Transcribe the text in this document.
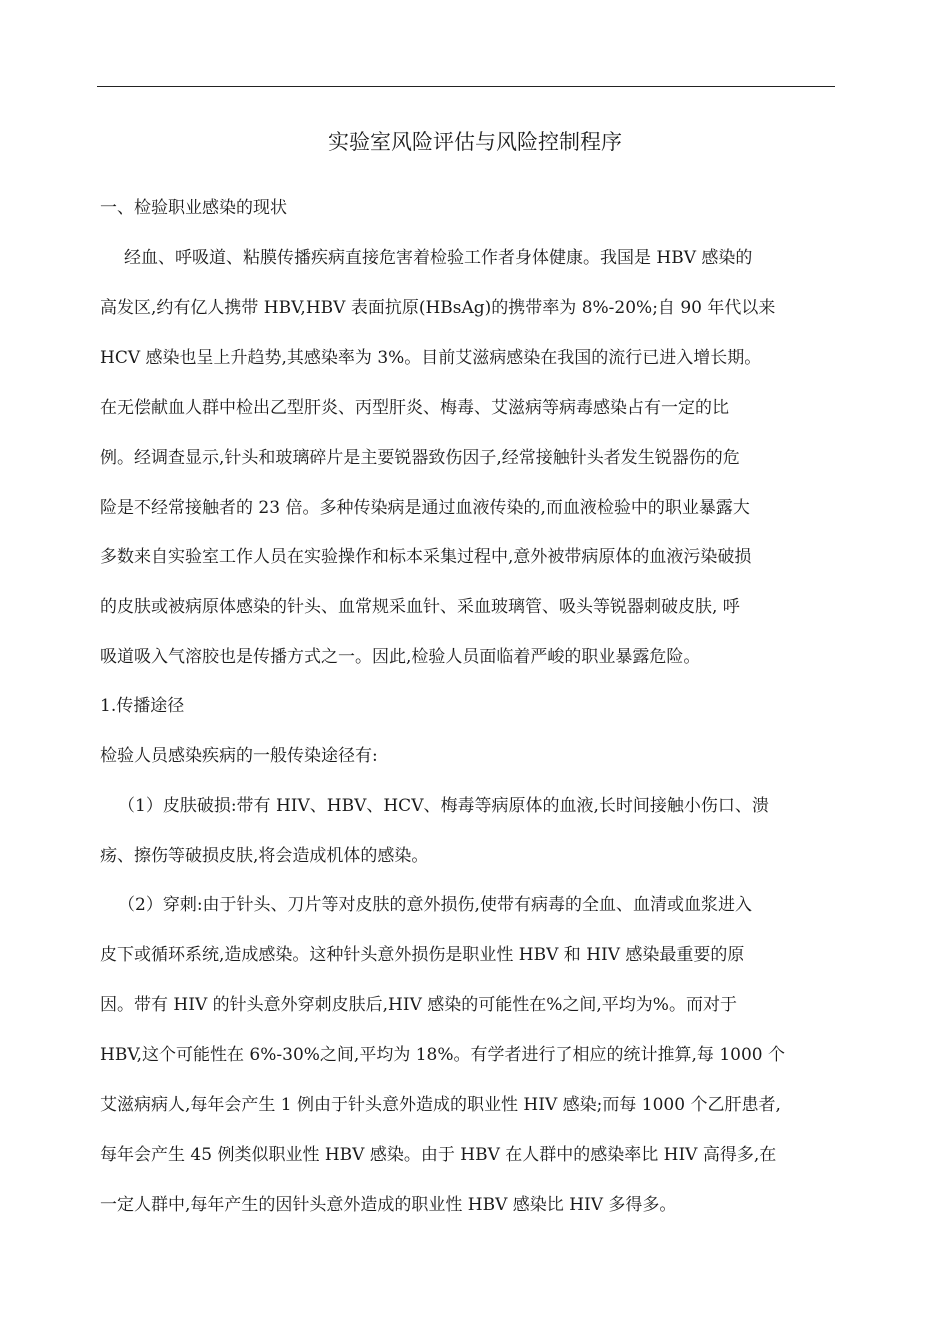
实验室风险评估与风险控制程序
一、检验职业感染的现状
经血、呼吸道、粘膜传播疾病直接危害着检验工作者身体健康。我国是 HBV 感染的
高发区,约有亿人携带 HBV,HBV 表面抗原(HBsAg)的携带率为 8%-20%;自 90 年代以来
HCV 感染也呈上升趋势,其感染率为 3%。目前艾滋病感染在我国的流行已进入增长期。
在无偿献血人群中检出乙型肝炎、丙型肝炎、梅毒、艾滋病等病毒感染占有一定的比
例。经调查显示,针头和玻璃碎片是主要锐器致伤因子,经常接触针头者发生锐器伤的危
险是不经常接触者的 23 倍。多种传染病是通过血液传染的,而血液检验中的职业暴露大
多数来自实验室工作人员在实验操作和标本采集过程中,意外被带病原体的血液污染破损
的皮肤或被病原体感染的针头、血常规采血针、采血玻璃管、吸头等锐器刺破皮肤, 呼
吸道吸入气溶胶也是传播方式之一。因此,检验人员面临着严峻的职业暴露危险。
1.传播途径
检验人员感染疾病的一般传染途径有:
（1）皮肤破损:带有 HIV、HBV、HCV、梅毒等病原体的血液,长时间接触小伤口、溃
疡、擦伤等破损皮肤,将会造成机体的感染。
（2）穿刺:由于针头、刀片等对皮肤的意外损伤,使带有病毒的全血、血清或血浆进入
皮下或循环系统,造成感染。这种针头意外损伤是职业性 HBV 和 HIV 感染最重要的原
因。带有 HIV 的针头意外穿刺皮肤后,HIV 感染的可能性在%之间,平均为%。而对于
HBV,这个可能性在 6%-30%之间,平均为 18%。有学者进行了相应的统计推算,每 1000 个
艾滋病病人,每年会产生 1 例由于针头意外造成的职业性 HIV 感染;而每 1000 个乙肝患者,
每年会产生 45 例类似职业性 HBV 感染。由于 HBV 在人群中的感染率比 HIV 高得多,在
一定人群中,每年产生的因针头意外造成的职业性 HBV 感染比 HIV 多得多。
